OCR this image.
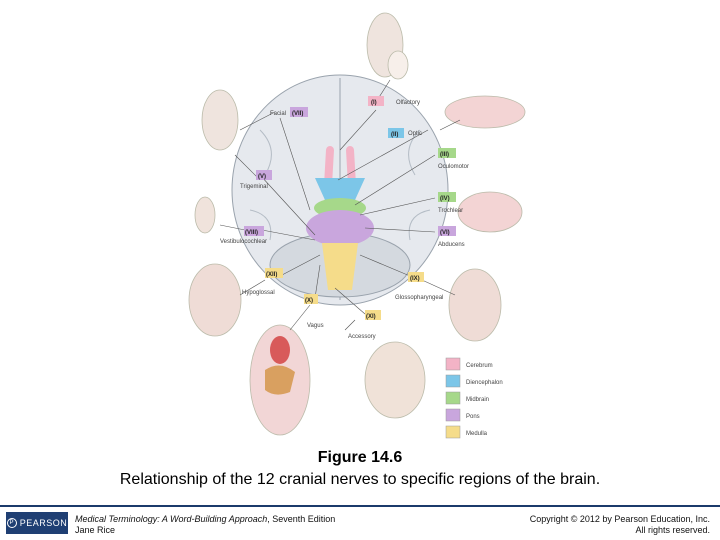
(I)
(II)
(III)
(IV)
(VI)
(VII)
(V)
(VIII)
(XII)
(IX)
(X)
(XI)
Olfactory
Optic
Oculomotor
Trochlear
Abducens
Facial
Trigeminal
Vestibulocochlear
Hypoglossal
Vagus
Accessory
Glossopharyngeal
Cerebrum
Diencephalon
Midbrain
Pons
Medulla
Figure 14.6
Relationship of the 12 cranial nerves to specific regions of the brain.
P PEARSON Medical Terminology: A Word-Building Approach, Seventh Edition
Jane Rice
Copyright © 2012 by Pearson Education, Inc.
All rights reserved.
